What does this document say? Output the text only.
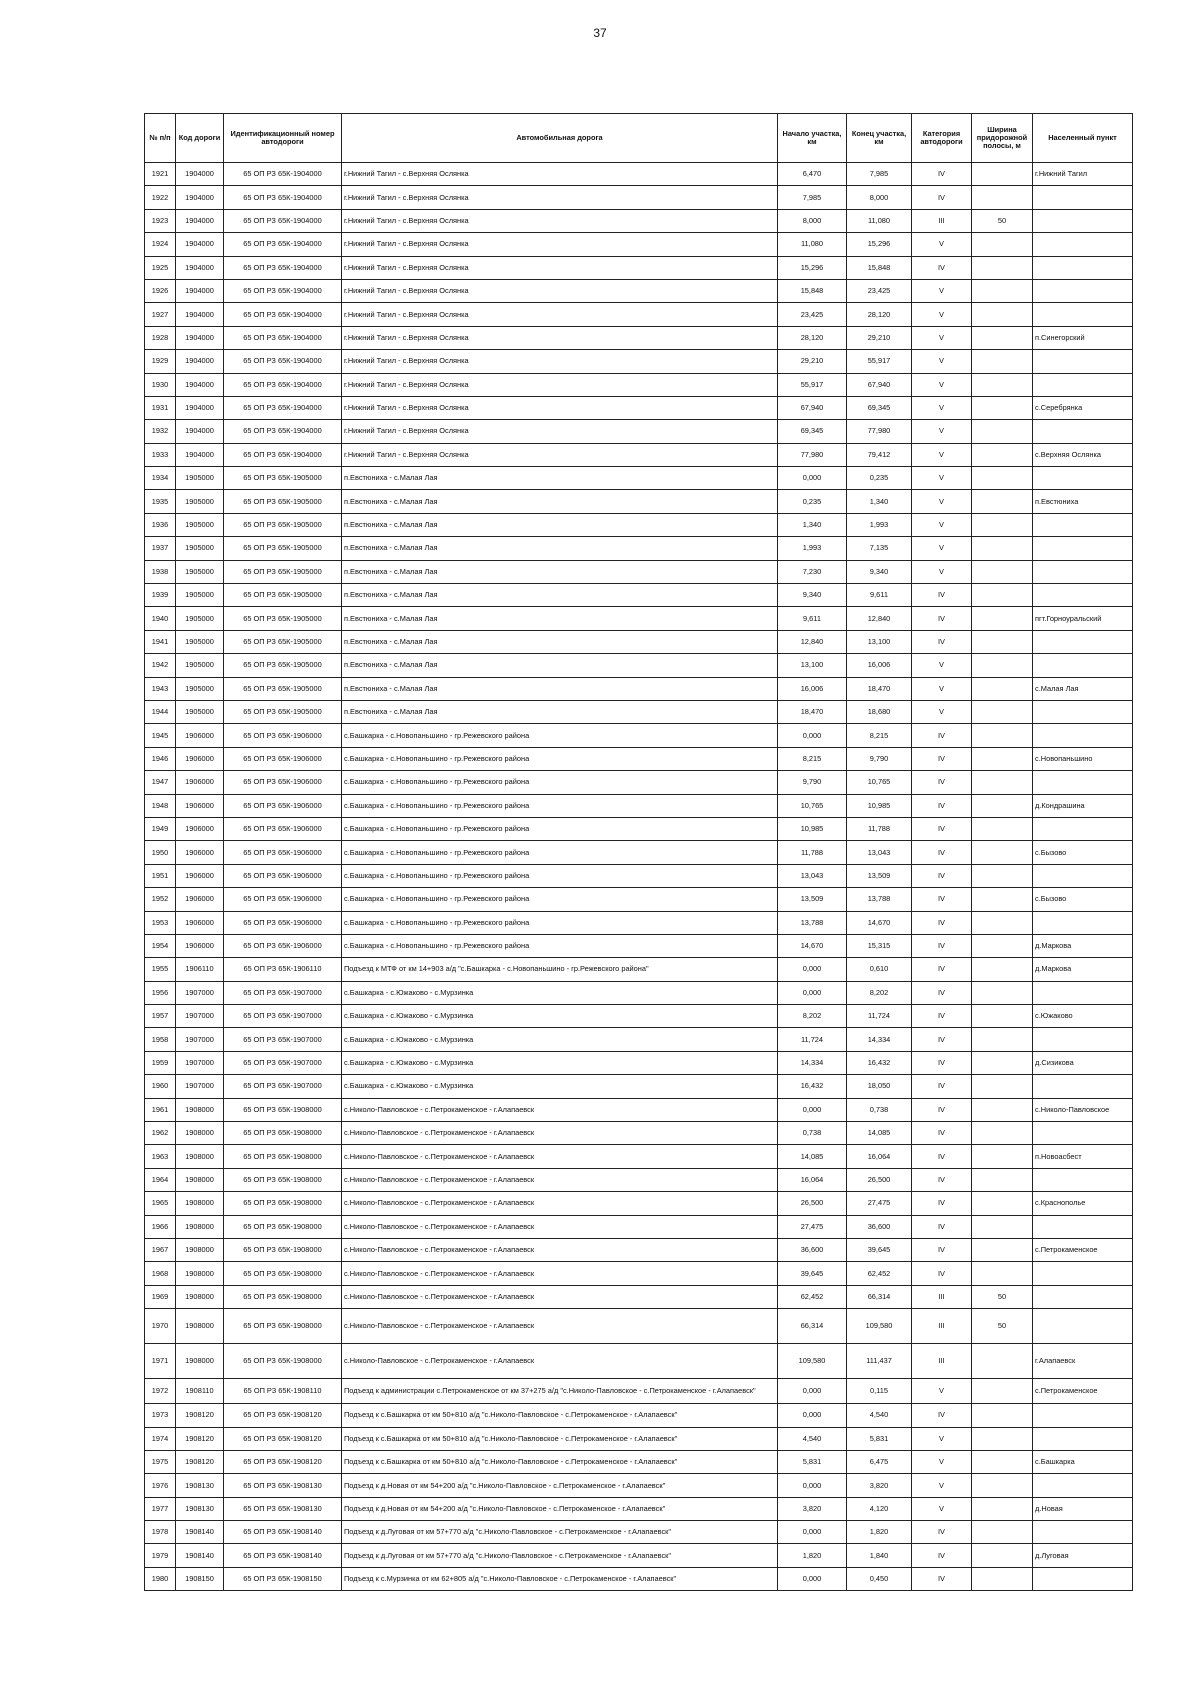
37
№ п/п	Код дороги	Идентификационный номер автодороги	Автомобильная дорога	Начало участка, км	Конец участка, км	Категория автодороги	Ширина придорожной полосы, м	Населенный пункт
1921	1904000	65 ОП РЗ 65К-1904000	г.Нижний Тагил - с.Верхняя Ослянка	6,470	7,985	IV		г.Нижний Тагил
1922	1904000	65 ОП РЗ 65К-1904000	г.Нижний Тагил - с.Верхняя Ослянка	7,985	8,000	IV		
1923	1904000	65 ОП РЗ 65К-1904000	г.Нижний Тагил - с.Верхняя Ослянка	8,000	11,080	III	50	
1924	1904000	65 ОП РЗ 65К-1904000	г.Нижний Тагил - с.Верхняя Ослянка	11,080	15,296	V		
1925	1904000	65 ОП РЗ 65К-1904000	г.Нижний Тагил - с.Верхняя Ослянка	15,296	15,848	IV		
1926	1904000	65 ОП РЗ 65К-1904000	г.Нижний Тагил - с.Верхняя Ослянка	15,848	23,425	V		
1927	1904000	65 ОП РЗ 65К-1904000	г.Нижний Тагил - с.Верхняя Ослянка	23,425	28,120	V		
1928	1904000	65 ОП РЗ 65К-1904000	г.Нижний Тагил - с.Верхняя Ослянка	28,120	29,210	V		п.Синегорский
1929	1904000	65 ОП РЗ 65К-1904000	г.Нижний Тагил - с.Верхняя Ослянка	29,210	55,917	V		
1930	1904000	65 ОП РЗ 65К-1904000	г.Нижний Тагил - с.Верхняя Ослянка	55,917	67,940	V		
1931	1904000	65 ОП РЗ 65К-1904000	г.Нижний Тагил - с.Верхняя Ослянка	67,940	69,345	V		с.Серебрянка
1932	1904000	65 ОП РЗ 65К-1904000	г.Нижний Тагил - с.Верхняя Ослянка	69,345	77,980	V		
1933	1904000	65 ОП РЗ 65К-1904000	г.Нижний Тагил - с.Верхняя Ослянка	77,980	79,412	V		с.Верхняя Ослянка
1934	1905000	65 ОП РЗ 65К-1905000	п.Евстюниха - с.Малая Лая	0,000	0,235	V		
1935	1905000	65 ОП РЗ 65К-1905000	п.Евстюниха - с.Малая Лая	0,235	1,340	V		п.Евстюниха
1936	1905000	65 ОП РЗ 65К-1905000	п.Евстюниха - с.Малая Лая	1,340	1,993	V		
1937	1905000	65 ОП РЗ 65К-1905000	п.Евстюниха - с.Малая Лая	1,993	7,135	V		
1938	1905000	65 ОП РЗ 65К-1905000	п.Евстюниха - с.Малая Лая	7,230	9,340	V		
1939	1905000	65 ОП РЗ 65К-1905000	п.Евстюниха - с.Малая Лая	9,340	9,611	IV		
1940	1905000	65 ОП РЗ 65К-1905000	п.Евстюниха - с.Малая Лая	9,611	12,840	IV		пгт.Горноуральский
1941	1905000	65 ОП РЗ 65К-1905000	п.Евстюниха - с.Малая Лая	12,840	13,100	IV		
1942	1905000	65 ОП РЗ 65К-1905000	п.Евстюниха - с.Малая Лая	13,100	16,006	V		
1943	1905000	65 ОП РЗ 65К-1905000	п.Евстюниха - с.Малая Лая	16,006	18,470	V		с.Малая Лая
1944	1905000	65 ОП РЗ 65К-1905000	п.Евстюниха - с.Малая Лая	18,470	18,680	V		
1945	1906000	65 ОП РЗ 65К-1906000	с.Башкарка - с.Новопаньшино - гр.Режевского района	0,000	8,215	IV		
1946	1906000	65 ОП РЗ 65К-1906000	с.Башкарка - с.Новопаньшино - гр.Режевского района	8,215	9,790	IV		с.Новопаньшино
1947	1906000	65 ОП РЗ 65К-1906000	с.Башкарка - с.Новопаньшино - гр.Режевского района	9,790	10,765	IV		
1948	1906000	65 ОП РЗ 65К-1906000	с.Башкарка - с.Новопаньшино - гр.Режевского района	10,765	10,985	IV		д.Кондрашина
1949	1906000	65 ОП РЗ 65К-1906000	с.Башкарка - с.Новопаньшино - гр.Режевского района	10,985	11,788	IV		
1950	1906000	65 ОП РЗ 65К-1906000	с.Башкарка - с.Новопаньшино - гр.Режевского района	11,788	13,043	IV		с.Бызово
1951	1906000	65 ОП РЗ 65К-1906000	с.Башкарка - с.Новопаньшино - гр.Режевского района	13,043	13,509	IV		
1952	1906000	65 ОП РЗ 65К-1906000	с.Башкарка - с.Новопаньшино - гр.Режевского района	13,509	13,788	IV		с.Бызово
1953	1906000	65 ОП РЗ 65К-1906000	с.Башкарка - с.Новопаньшино - гр.Режевского района	13,788	14,670	IV		
1954	1906000	65 ОП РЗ 65К-1906000	с.Башкарка - с.Новопаньшино - гр.Режевского района	14,670	15,315	IV		д.Маркова
1955	1906110	65 ОП РЗ 65К-1906110	Подъезд к МТФ от км 14+903 а/д "с.Башкарка - с.Новопаньшино - гр.Режевского района"	0,000	0,610	IV		д.Маркова
1956	1907000	65 ОП РЗ 65К-1907000	с.Башкарка - с.Южаково - с.Мурзинка	0,000	8,202	IV		
1957	1907000	65 ОП РЗ 65К-1907000	с.Башкарка - с.Южаково - с.Мурзинка	8,202	11,724	IV		с.Южаково
1958	1907000	65 ОП РЗ 65К-1907000	с.Башкарка - с.Южаково - с.Мурзинка	11,724	14,334	IV		
1959	1907000	65 ОП РЗ 65К-1907000	с.Башкарка - с.Южаково - с.Мурзинка	14,334	16,432	IV		д.Сизикова
1960	1907000	65 ОП РЗ 65К-1907000	с.Башкарка - с.Южаково - с.Мурзинка	16,432	18,050	IV		
1961	1908000	65 ОП РЗ 65К-1908000	с.Николо-Павловское - с.Петрокаменское - г.Алапаевск	0,000	0,738	IV		с.Николо-Павловское
1962	1908000	65 ОП РЗ 65К-1908000	с.Николо-Павловское - с.Петрокаменское - г.Алапаевск	0,738	14,085	IV		
1963	1908000	65 ОП РЗ 65К-1908000	с.Николо-Павловское - с.Петрокаменское - г.Алапаевск	14,085	16,064	IV		п.Новоасбест
1964	1908000	65 ОП РЗ 65К-1908000	с.Николо-Павловское - с.Петрокаменское - г.Алапаевск	16,064	26,500	IV		
1965	1908000	65 ОП РЗ 65К-1908000	с.Николо-Павловское - с.Петрокаменское - г.Алапаевск	26,500	27,475	IV		с.Краснополье
1966	1908000	65 ОП РЗ 65К-1908000	с.Николо-Павловское - с.Петрокаменское - г.Алапаевск	27,475	36,600	IV		
1967	1908000	65 ОП РЗ 65К-1908000	с.Николо-Павловское - с.Петрокаменское - г.Алапаевск	36,600	39,645	IV		с.Петрокаменское
1968	1908000	65 ОП РЗ 65К-1908000	с.Николо-Павловское - с.Петрокаменское - г.Алапаевск	39,645	62,452	IV		
1969	1908000	65 ОП РЗ 65К-1908000	с.Николо-Павловское - с.Петрокаменское - г.Алапаевск	62,452	66,314	III	50	
1970	1908000	65 ОП РЗ 65К-1908000	с.Николо-Павловское - с.Петрокаменское - г.Алапаевск	66,314	109,580	III	50	
1971	1908000	65 ОП РЗ 65К-1908000	с.Николо-Павловское - с.Петрокаменское - г.Алапаевск	109,580	111,437	III		г.Алапаевск
1972	1908110	65 ОП РЗ 65К-1908110	Подъезд к администрации с.Петрокаменское от км 37+275 а/д "с.Николо-Павловское - с.Петрокаменское - г.Алапаевск"	0,000	0,115	V		с.Петрокаменское
1973	1908120	65 ОП РЗ 65К-1908120	Подъезд к с.Башкарка от км 50+810 а/д "с.Николо-Павловское - с.Петрокаменское - г.Алапаевск"	0,000	4,540	IV		
1974	1908120	65 ОП РЗ 65К-1908120	Подъезд к с.Башкарка от км 50+810 а/д "с.Николо-Павловское - с.Петрокаменское - г.Алапаевск"	4,540	5,831	V		
1975	1908120	65 ОП РЗ 65К-1908120	Подъезд к с.Башкарка от км 50+810 а/д "с.Николо-Павловское - с.Петрокаменское - г.Алапаевск"	5,831	6,475	V		с.Башкарка
1976	1908130	65 ОП РЗ 65К-1908130	Подъезд к д.Новая от км 54+200 а/д "с.Николо-Павловское - с.Петрокаменское - г.Алапаевск"	0,000	3,820	V		
1977	1908130	65 ОП РЗ 65К-1908130	Подъезд к д.Новая от км 54+200 а/д "с.Николо-Павловское - с.Петрокаменское - г.Алапаевск"	3,820	4,120	V		д.Новая
1978	1908140	65 ОП РЗ 65К-1908140	Подъезд к д.Луговая от км 57+770 а/д "с.Николо-Павловское - с.Петрокаменское - г.Алапаевск"	0,000	1,820	IV		
1979	1908140	65 ОП РЗ 65К-1908140	Подъезд к д.Луговая от км 57+770 а/д "с.Николо-Павловское - с.Петрокаменское - г.Алапаевск"	1,820	1,840	IV		д.Луговая
1980	1908150	65 ОП РЗ 65К-1908150	Подъезд к с.Мурзинка от км 62+805 а/д "с.Николо-Павловское - с.Петрокаменское - г.Алапаевск"	0,000	0,450	IV		
